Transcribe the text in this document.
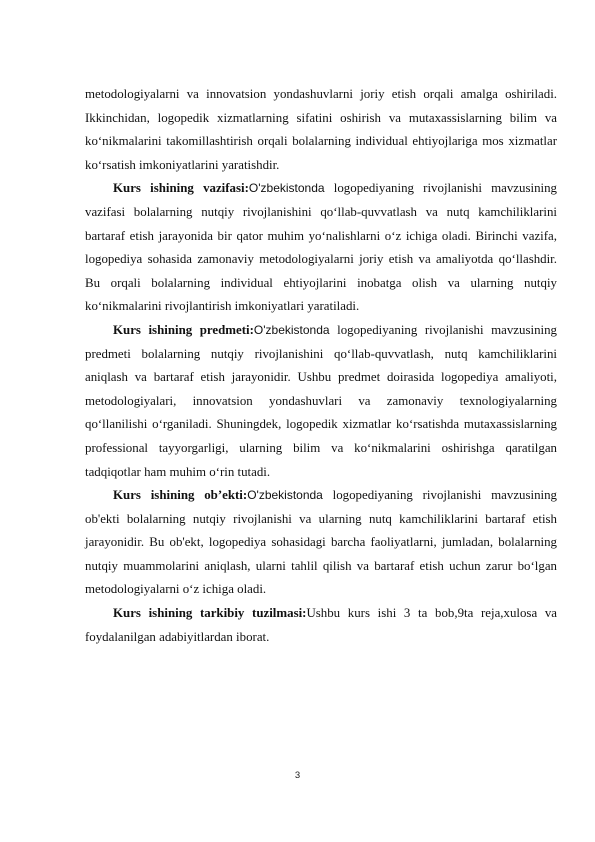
metodologiyalarni va innovatsion yondashuvlarni joriy etish orqali amalga oshiriladi. Ikkinchidan, logopedik xizmatlarning sifatini oshirish va mutaxassislarning bilim va ko‘nikmalarini takomillashtirish orqali bolalarning individual ehtiyojlariga mos xizmatlar ko‘rsatish imkoniyatlarini yaratishdir.

Kurs ishining vazifasi:O'zbekistonda logopediyaning rivojlanishi mavzusining vazifasi bolalarning nutqiy rivojlanishini qo‘llab-quvvatlash va nutq kamchiliklarini bartaraf etish jarayonida bir qator muhim yo‘nalishlarni o‘z ichiga oladi. Birinchi vazifa, logopediya sohasida zamonaviy metodologiyalarni joriy etish va amaliyotda qo‘llashdir. Bu orqali bolalarning individual ehtiyojlarini inobatga olish va ularning nutqiy ko‘nikmalarini rivojlantirish imkoniyatlari yaratiladi.

Kurs ishining predmeti:O'zbekistonda logopediyaning rivojlanishi mavzusining predmeti bolalarning nutqiy rivojlanishini qo‘llab-quvvatlash, nutq kamchiliklarini aniqlash va bartaraf etish jarayonidir. Ushbu predmet doirasida logopediya amaliyoti, metodologiyalari, innovatsion yondashuvlari va zamonaviy texnologiyalarning qo‘llanilishi o‘rganiladi. Shuningdek, logopedik xizmatlar ko‘rsatishda mutaxassislarning professional tayyorgarligi, ularning bilim va ko‘nikmalarini oshirishga qaratilgan tadqiqotlar ham muhim o‘rin tutadi.

Kurs ishining ob’ekti:O'zbekistonda logopediyaning rivojlanishi mavzusining ob'ekti bolalarning nutqiy rivojlanishi va ularning nutq kamchiliklarini bartaraf etish jarayonidir. Bu ob'ekt, logopediya sohasidagi barcha faoliyatlarni, jumladan, bolalarning nutqiy muammolarini aniqlash, ularni tahlil qilish va bartaraf etish uchun zarur bo‘lgan metodologiyalarni o‘z ichiga oladi.

Kurs ishining tarkibiy tuzilmasi:Ushbu kurs ishi 3 ta bob,9ta reja,xulosa va foydalanilgan adabiyitlardan iborat.

3
